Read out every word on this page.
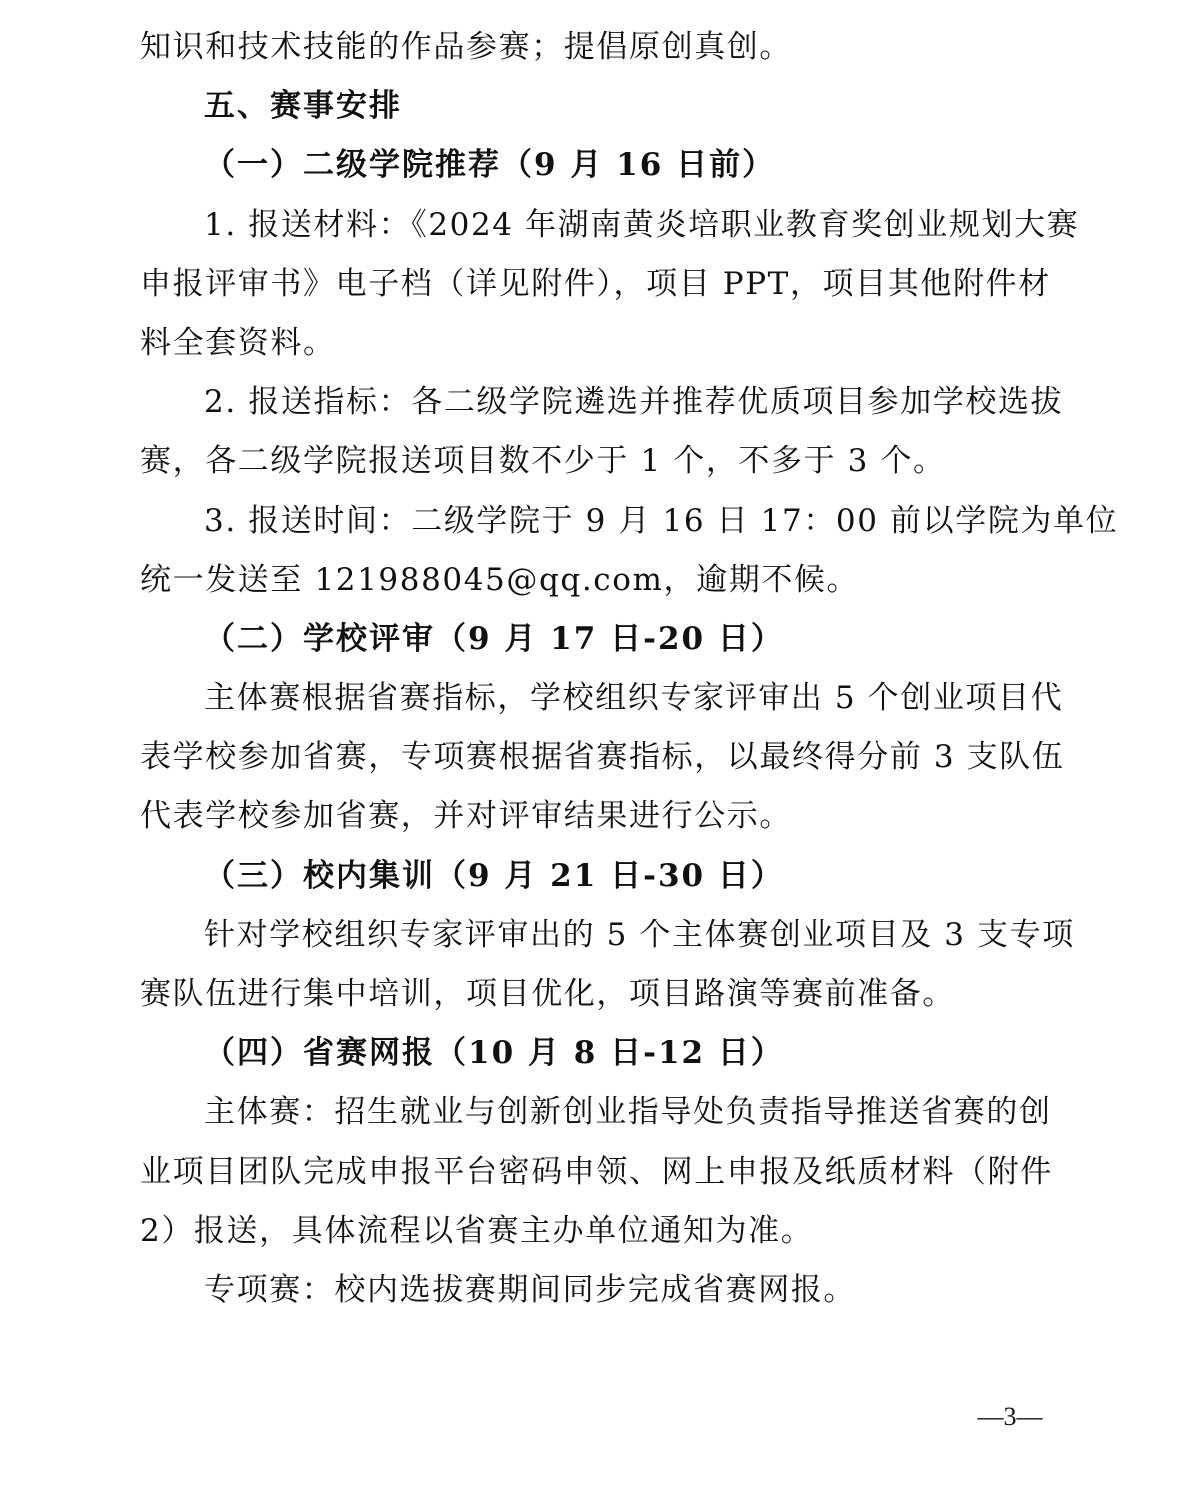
知识和技术技能的作品参赛；提倡原创真创。
五、赛事安排
（一）二级学院推荐（9 月 16 日前）
1. 报送材料：《2024 年湖南黄炎培职业教育奖创业规划大赛
申报评审书》电子档（详见附件），项目 PPT，项目其他附件材
料全套资料。
2. 报送指标：各二级学院遴选并推荐优质项目参加学校选拔
赛，各二级学院报送项目数不少于 1 个，不多于 3 个。
3. 报送时间：二级学院于 9 月 16 日 17：00 前以学院为单位
统一发送至 121988045@qq.com，逾期不候。
（二）学校评审（9 月 17 日-20 日）
主体赛根据省赛指标，学校组织专家评审出 5 个创业项目代
表学校参加省赛，专项赛根据省赛指标，以最终得分前 3 支队伍
代表学校参加省赛，并对评审结果进行公示。
（三）校内集训（9 月 21 日-30 日）
针对学校组织专家评审出的 5 个主体赛创业项目及 3 支专项
赛队伍进行集中培训，项目优化，项目路演等赛前准备。
（四）省赛网报（10 月 8 日-12 日）
主体赛：招生就业与创新创业指导处负责指导推送省赛的创
业项目团队完成申报平台密码申领、网上申报及纸质材料（附件
2）报送，具体流程以省赛主办单位通知为准。
专项赛：校内选拔赛期间同步完成省赛网报。
—3—
